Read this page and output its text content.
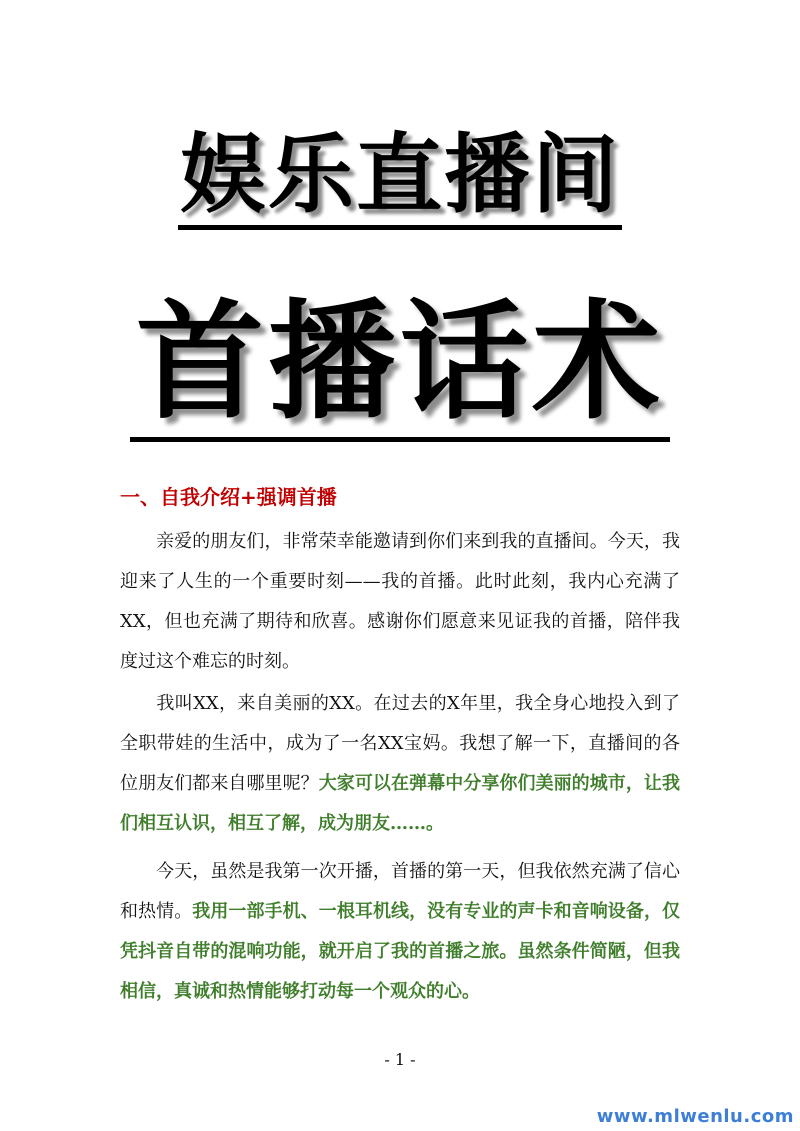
娱乐直播间
首播话术
一、自我介绍+强调首播

亲爱的朋友们，非常荣幸能邀请到你们来到我的直播间。今天，我迎来了人生的一个重要时刻——我的首播。此时此刻，我内心充满了XX，但也充满了期待和欣喜。感谢你们愿意来见证我的首播，陪伴我度过这个难忘的时刻。

我叫XX，来自美丽的XX。在过去的X年里，我全身心地投入到了全职带娃的生活中，成为了一名XX宝妈。我想了解一下，直播间的各位朋友们都来自哪里呢？大家可以在弹幕中分享你们美丽的城市，让我们相互认识，相互了解，成为朋友……。

今天，虽然是我第一次开播，首播的第一天，但我依然充满了信心和热情。我用一部手机、一根耳机线，没有专业的声卡和音响设备，仅凭抖音自带的混响功能，就开启了我的首播之旅。虽然条件简陋，但我相信，真诚和热情能够打动每一个观众的心。

- 1 -
www.mlwenlu.com
